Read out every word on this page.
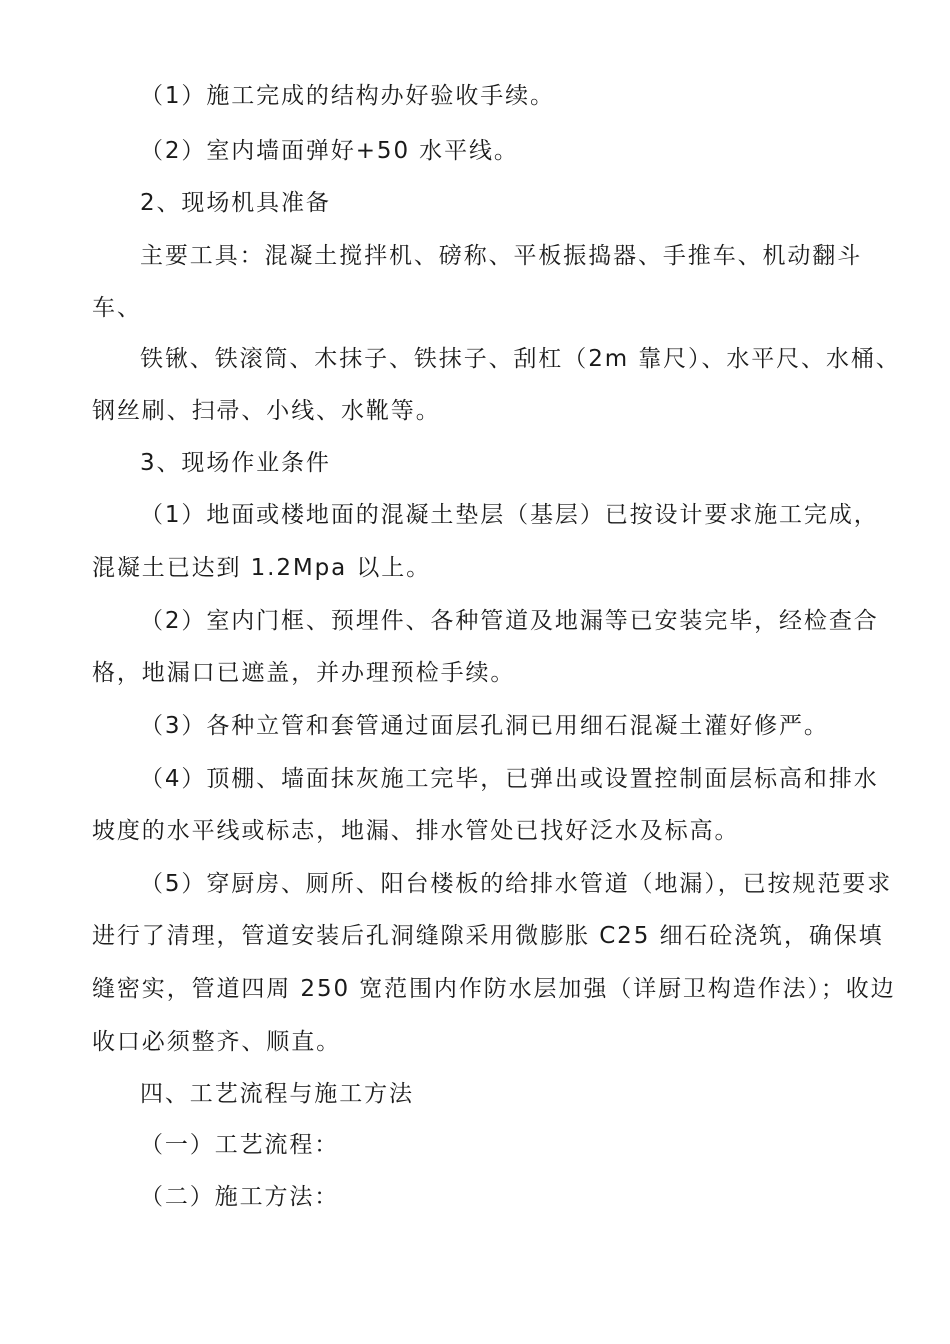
（1）施工完成的结构办好验收手续。
（2）室内墙面弹好+50 水平线。
2、现场机具准备
主要工具：混凝土搅拌机、磅称、平板振捣器、手推车、机动翻斗
车、
铁锹、铁滚筒、木抹子、铁抹子、刮杠（2m 靠尺）、水平尺、水桶、
钢丝刷、扫帚、小线、水靴等。
3、现场作业条件
（1）地面或楼地面的混凝土垫层（基层）已按设计要求施工完成，
混凝土已达到 1.2Mpa 以上。
（2）室内门框、预埋件、各种管道及地漏等已安装完毕，经检查合
格，地漏口已遮盖，并办理预检手续。
（3）各种立管和套管通过面层孔洞已用细石混凝土灌好修严。
（4）顶棚、墙面抹灰施工完毕，已弹出或设置控制面层标高和排水
坡度的水平线或标志，地漏、排水管处已找好泛水及标高。
（5）穿厨房、厕所、阳台楼板的给排水管道（地漏），已按规范要求
进行了清理，管道安装后孔洞缝隙采用微膨胀 C25 细石砼浇筑，确保填
缝密实，管道四周 250 宽范围内作防水层加强（详厨卫构造作法）；收边
收口必须整齐、顺直。
四、工艺流程与施工方法
（一）工艺流程：
（二）施工方法：
